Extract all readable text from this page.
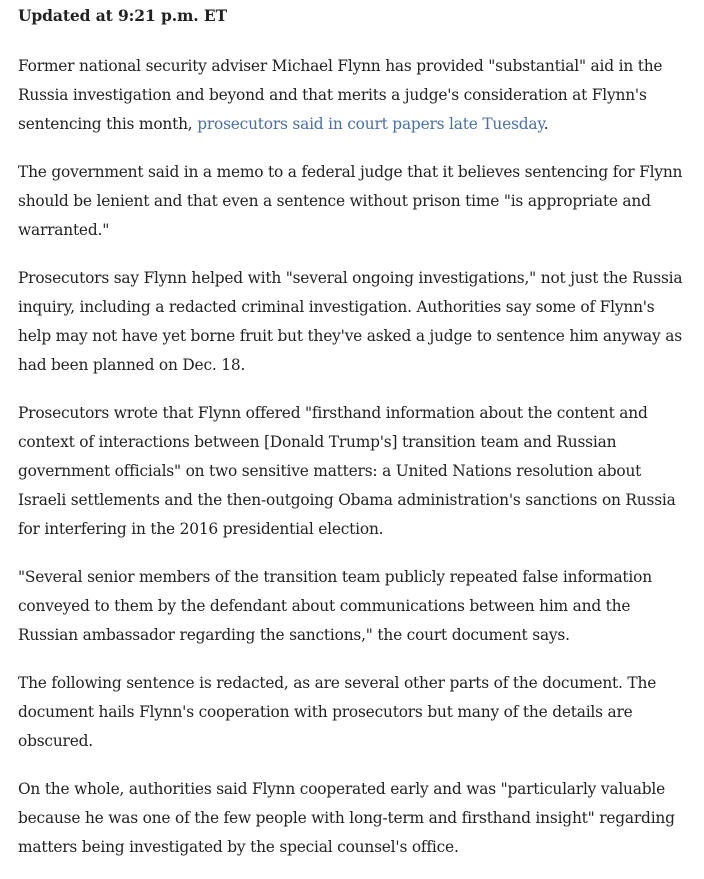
Updated at 9:21 p.m. ET

Former national security adviser Michael Flynn has provided "substantial" aid in the
Russia investigation and beyond and that merits a judge's consideration at Flynn's
sentencing this month, prosecutors said in court papers late Tuesday.

The government said in a memo to a federal judge that it believes sentencing for Flynn
should be lenient and that even a sentence without prison time "is appropriate and
warranted."

Prosecutors say Flynn helped with "several ongoing investigations," not just the Russia
inquiry, including a redacted criminal investigation. Authorities say some of Flynn's
help may not have yet borne fruit but they've asked a judge to sentence him anyway as
had been planned on Dec. 18.

Prosecutors wrote that Flynn offered "firsthand information about the content and
context of interactions between [Donald Trump's] transition team and Russian
government officials" on two sensitive matters: a United Nations resolution about
Israeli settlements and the then-outgoing Obama administration's sanctions on Russia
for interfering in the 2016 presidential election.

"Several senior members of the transition team publicly repeated false information
conveyed to them by the defendant about communications between him and the
Russian ambassador regarding the sanctions," the court document says.

The following sentence is redacted, as are several other parts of the document. The
document hails Flynn's cooperation with prosecutors but many of the details are
obscured.

On the whole, authorities said Flynn cooperated early and was "particularly valuable
because he was one of the few people with long-term and firsthand insight" regarding
matters being investigated by the special counsel's office.
